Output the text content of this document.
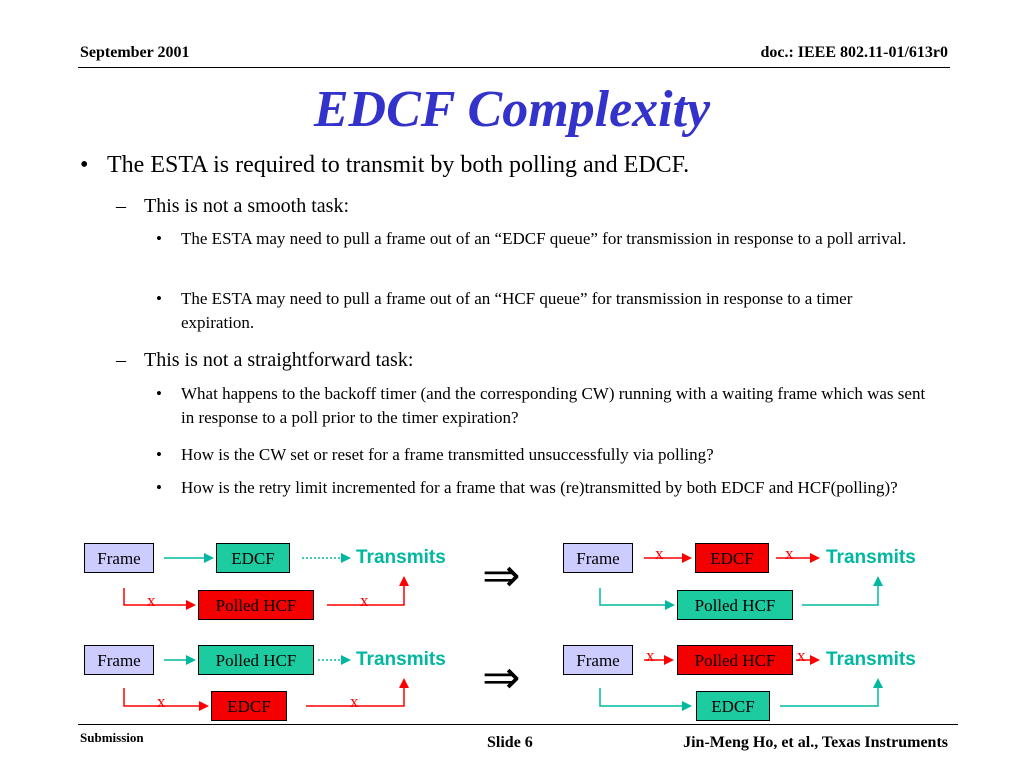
September 2001	doc.: IEEE 802.11-01/613r0
EDCF Complexity
• The ESTA is required to transmit by both polling and EDCF.
– This is not a smooth task:
• The ESTA may need to pull a frame out of an “EDCF queue” for transmission in response to a poll arrival.
• The ESTA may need to pull a frame out of an “HCF queue” for transmission in response to a timer expiration.
– This is not a straightforward task:
• What happens to the backoff timer (and the corresponding CW) running with a waiting frame which was sent in response to a poll prior to the timer expiration?
• How is the CW set or reset for a frame transmitted unsuccessfully via polling?
• How is the retry limit incremented for a frame that was (re)transmitted by both EDCF and HCF(polling)?
Frame	EDCF	Transmits
Polled HCF
x	x ⇒	Frame	EDCF	Transmits
Polled HCF
x	x
Frame	Polled HCF	Transmits
EDCF
x	x	⇒	Frame	Polled HCF	Transmits
EDCF
x	x
Submission	Slide 6	Jin-Meng Ho, et al., Texas Instruments
